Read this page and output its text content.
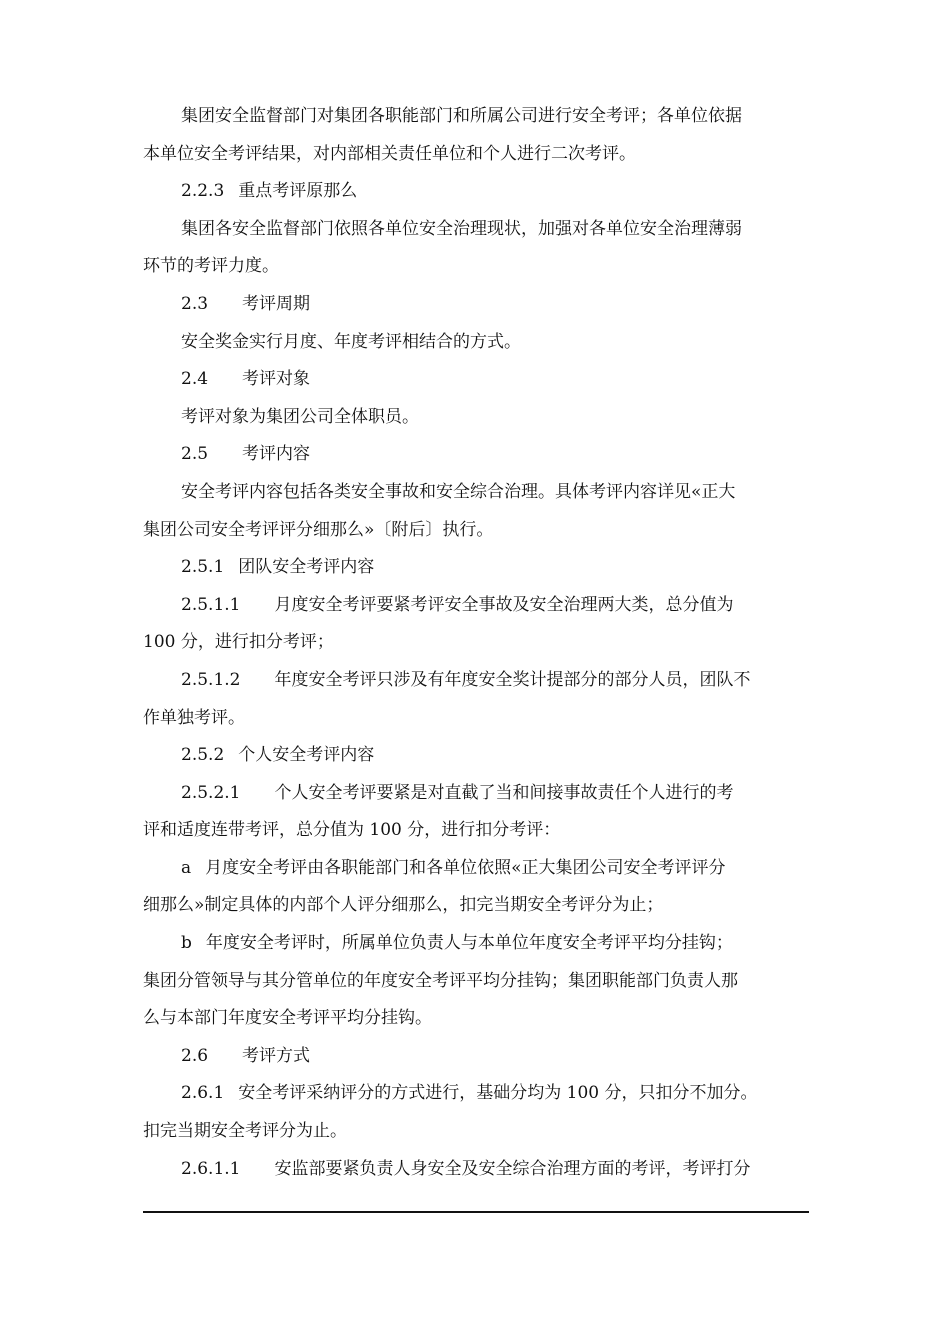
集团安全监督部门对集团各职能部门和所属公司进行安全考评；各单位依据
本单位安全考评结果，对内部相关责任单位和个人进行二次考评。
2.2.3 重点考评原那么
集团各安全监督部门依照各单位安全治理现状，加强对各单位安全治理薄弱
环节的考评力度。
2.3 考评周期
安全奖金实行月度、年度考评相结合的方式。
2.4 考评对象
考评对象为集团公司全体职员。
2.5 考评内容
安全考评内容包括各类安全事故和安全综合治理。具体考评内容详见«正大
集团公司安全考评评分细那么»〔附后〕执行。
2.5.1 团队安全考评内容
2.5.1.1 月度安全考评要紧考评安全事故及安全治理两大类，总分值为
100 分，进行扣分考评；
2.5.1.2 年度安全考评只涉及有年度安全奖计提部分的部分人员，团队不
作单独考评。
2.5.2 个人安全考评内容
2.5.2.1 个人安全考评要紧是对直截了当和间接事故责任个人进行的考
评和适度连带考评，总分值为 100 分，进行扣分考评：
a 月度安全考评由各职能部门和各单位依照«正大集团公司安全考评评分
细那么»制定具体的内部个人评分细那么，扣完当期安全考评分为止；
b 年度安全考评时，所属单位负责人与本单位年度安全考评平均分挂钩；
集团分管领导与其分管单位的年度安全考评平均分挂钩；集团职能部门负责人那
么与本部门年度安全考评平均分挂钩。
2.6 考评方式
2.6.1 安全考评采纳评分的方式进行，基础分均为 100 分，只扣分不加分。
扣完当期安全考评分为止。
2.6.1.1 安监部要紧负责人身安全及安全综合治理方面的考评，考评打分
